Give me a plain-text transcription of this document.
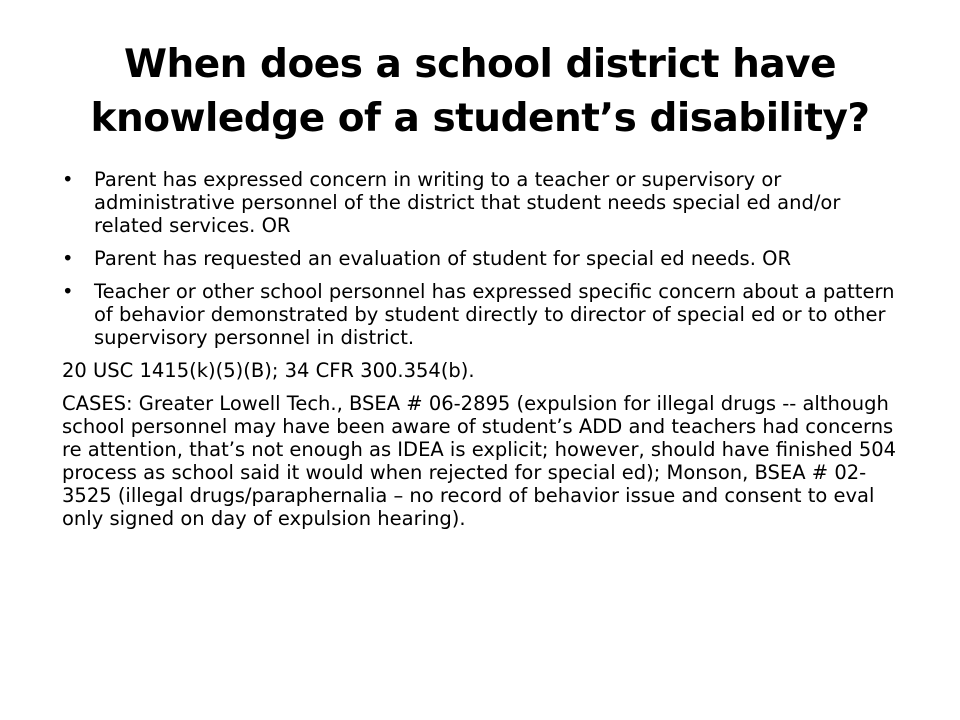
When does a school district have knowledge of a student’s disability?
•	Parent has expressed concern in writing to a teacher or supervisory or administrative personnel of the district that student needs special ed and/or related services. OR
•	Parent has requested an evaluation of student for special ed needs. OR
•	Teacher or other school personnel has expressed specific concern about a pattern of behavior demonstrated by student directly to director of special ed or to other supervisory personnel in district.

20 USC 1415(k)(5)(B); 34 CFR 300.354(b).

CASES: Greater Lowell Tech., BSEA # 06-2895 (expulsion for illegal drugs -- although school personnel may have been aware of student’s ADD and teachers had concerns re attention, that’s not enough as IDEA is explicit; however, should have finished 504 process as school said it would when rejected for special ed); Monson, BSEA # 02-3525 (illegal drugs/paraphernalia – no record of behavior issue and consent to eval only signed on day of expulsion hearing).
